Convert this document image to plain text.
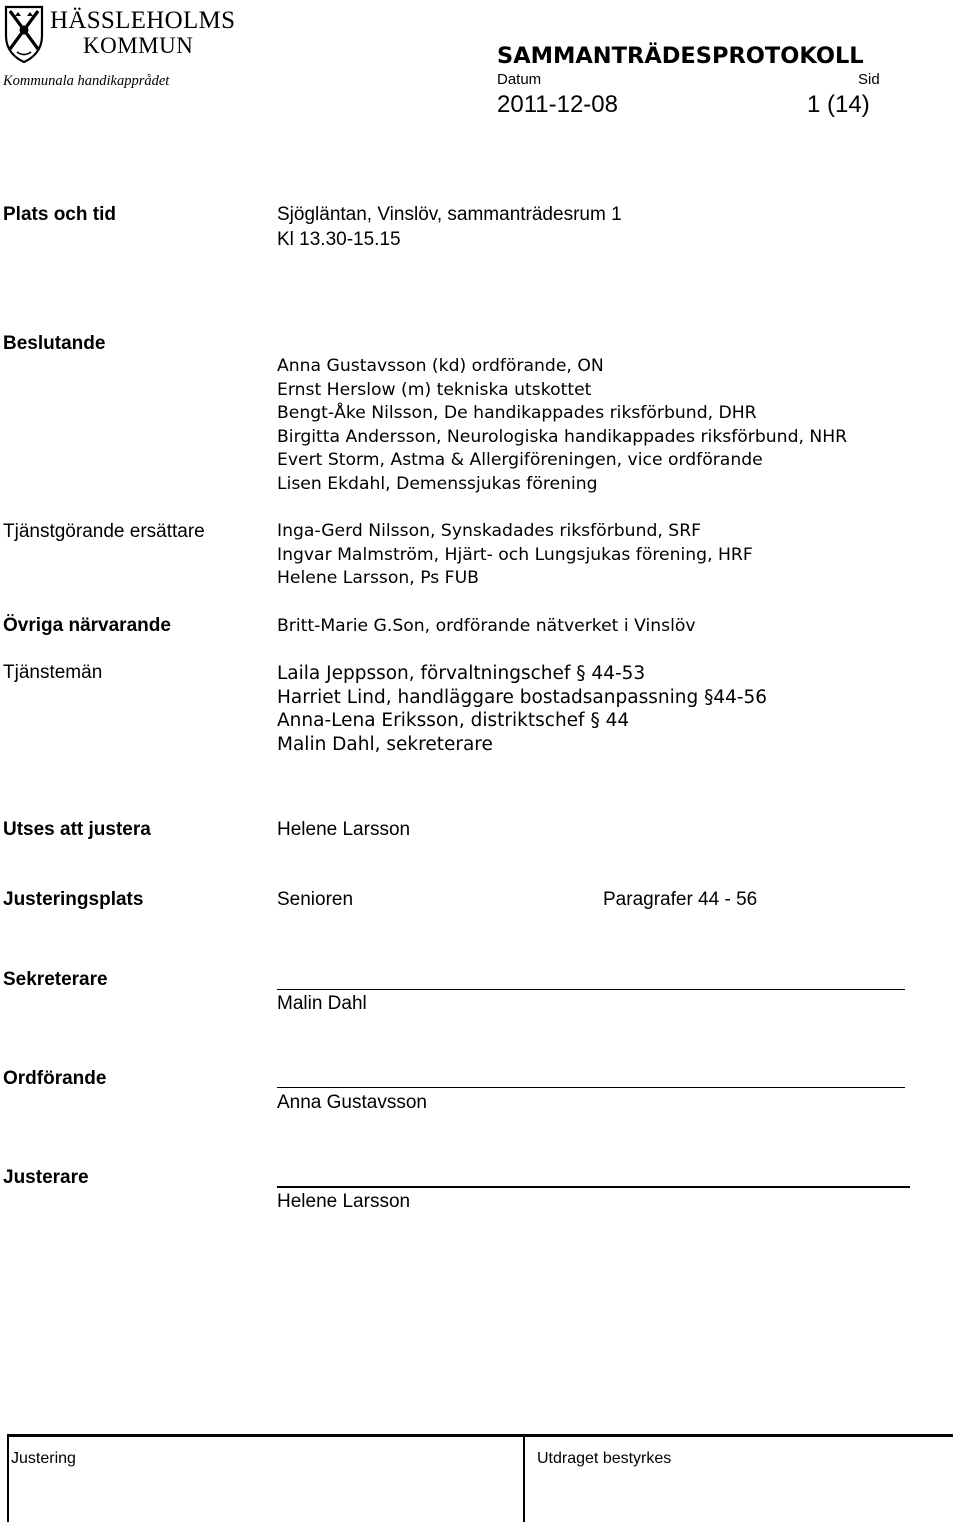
HÄSSLEHOLMS
KOMMUN
Kommunala handikapprådet
SAMMANTRÄDESPROTOKOLL
Datum	Sid
2011-12-08	1 (14)
Plats och tid	Sjögläntan, Vinslöv, sammanträdesrum 1
Kl 13.30-15.15
Beslutande
Anna Gustavsson (kd) ordförande, ON
Ernst Herslow (m) tekniska utskottet
Bengt-Åke Nilsson, De handikappades riksförbund, DHR
Birgitta Andersson, Neurologiska handikappades riksförbund, NHR
Evert Storm, Astma & Allergiföreningen, vice ordförande
Lisen Ekdahl, Demenssjukas förening
Tjänstgörande ersättare	Inga-Gerd Nilsson, Synskadades riksförbund, SRF
Ingvar Malmström, Hjärt- och Lungsjukas förening, HRF
Helene Larsson, Ps FUB
Övriga närvarande	Britt-Marie G.Son, ordförande nätverket i Vinslöv
Tjänstemän	Laila Jeppsson, förvaltningschef § 44-53
Harriet Lind, handläggare bostadsanpassning §44-56
Anna-Lena Eriksson, distriktschef § 44
Malin Dahl, sekreterare
Utses att justera	Helene Larsson
Justeringsplats	Senioren	Paragrafer 44 - 56
Sekreterare
Malin Dahl
Ordförande
Anna Gustavsson
Justerare
Helene Larsson
Justering	Utdraget bestyrkes
